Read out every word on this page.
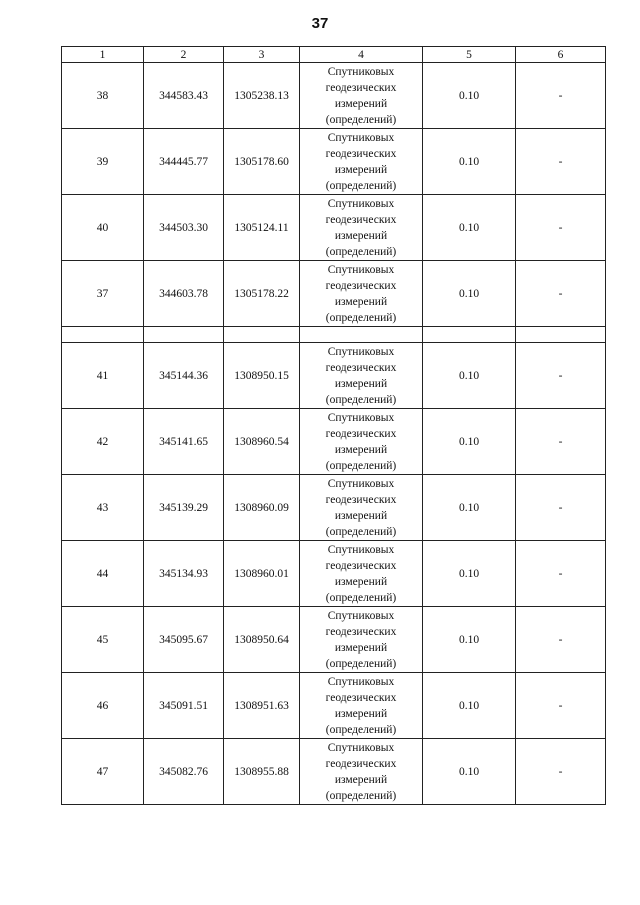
37
1	2	3	4	5	6
38	344583.43	1305238.13	Спутниковых
геодезических
измерений
(определений)	0.10	-
39	344445.77	1305178.60	Спутниковых
геодезических
измерений
(определений)	0.10	-
40	344503.30	1305124.11	Спутниковых
геодезических
измерений
(определений)	0.10	-
37	344603.78	1305178.22	Спутниковых
геодезических
измерений
(определений)	0.10	-

41	345144.36	1308950.15	Спутниковых
геодезических
измерений
(определений)	0.10	-
42	345141.65	1308960.54	Спутниковых
геодезических
измерений
(определений)	0.10	-
43	345139.29	1308960.09	Спутниковых
геодезических
измерений
(определений)	0.10	-
44	345134.93	1308960.01	Спутниковых
геодезических
измерений
(определений)	0.10	-
45	345095.67	1308950.64	Спутниковых
геодезических
измерений
(определений)	0.10	-
46	345091.51	1308951.63	Спутниковых
геодезических
измерений
(определений)	0.10	-
47	345082.76	1308955.88	Спутниковых
геодезических
измерений
(определений)	0.10	-
